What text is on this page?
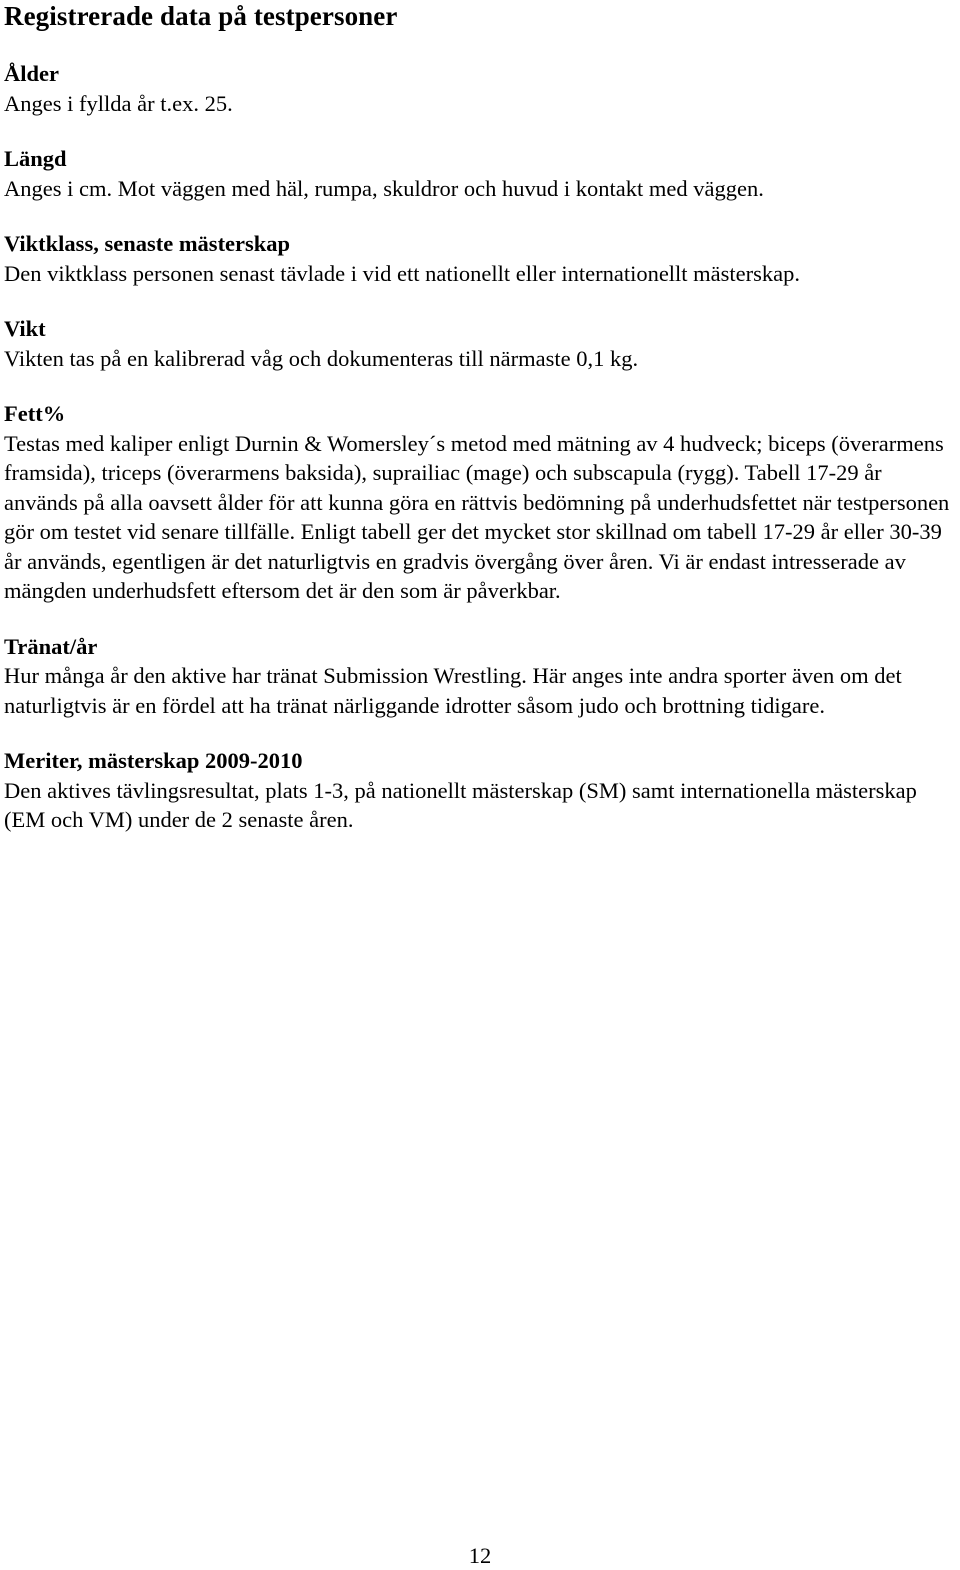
Registrerade data på testpersoner

Ålder

Anges i fyllda år t.ex. 25.

Längd

Anges i cm. Mot väggen med häl, rumpa, skuldror och huvud i kontakt med väggen.

Viktklass, senaste mästerskap

Den viktklass personen senast tävlade i vid ett nationellt eller internationellt mästerskap.

Vikt

Vikten tas på en kalibrerad våg och dokumenteras till närmaste 0,1 kg.

Fett%

Testas med kaliper enligt Durnin & Womersley´s metod med mätning av 4 hudveck; biceps (överarmens framsida), triceps (överarmens baksida), suprailiac (mage) och subscapula (rygg). Tabell 17-29 år används på alla oavsett ålder för att kunna göra en rättvis bedömning på underhudsfettet när testpersonen gör om testet vid senare tillfälle. Enligt tabell ger det mycket stor skillnad om tabell 17-29 år eller 30-39 år används, egentligen är det naturligtvis en gradvis övergång över åren. Vi är endast intresserade av mängden underhudsfett eftersom det är den som är påverkbar.

Tränat/år

Hur många år den aktive har tränat Submission Wrestling. Här anges inte andra sporter även om det naturligtvis är en fördel att ha tränat närliggande idrotter såsom judo och brottning tidigare.

Meriter, mästerskap 2009-2010

Den aktives tävlingsresultat, plats 1-3, på nationellt mästerskap (SM) samt internationella mästerskap (EM och VM) under de 2 senaste åren.

12
